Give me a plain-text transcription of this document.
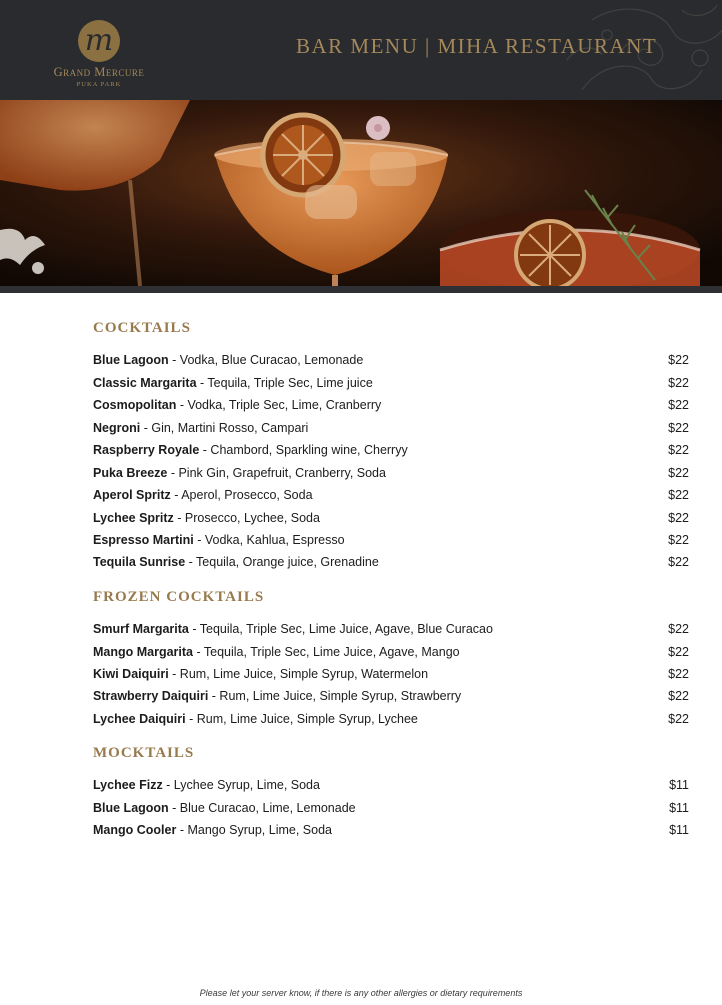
m
Grand Mercure
PUKA PARK
BAR MENU | MIHA RESTAURANT
COCKTAILS
Blue Lagoon - Vodka, Blue Curacao, Lemonade	$22
Classic Margarita - Tequila, Triple Sec, Lime juice	$22
Cosmopolitan - Vodka, Triple Sec, Lime, Cranberry	$22
Negroni - Gin, Martini Rosso, Campari	$22
Raspberry Royale - Chambord, Sparkling wine, Cherryy	$22
Puka Breeze - Pink Gin, Grapefruit, Cranberry, Soda	$22
Aperol Spritz - Aperol, Prosecco, Soda	$22
Lychee Spritz - Prosecco, Lychee, Soda	$22
Espresso Martini - Vodka, Kahlua, Espresso	$22
Tequila Sunrise - Tequila, Orange juice, Grenadine	$22
FROZEN COCKTAILS
Smurf Margarita - Tequila, Triple Sec, Lime Juice, Agave, Blue Curacao	$22
Mango Margarita - Tequila, Triple Sec, Lime Juice, Agave, Mango	$22
Kiwi Daiquiri - Rum, Lime Juice, Simple Syrup, Watermelon	$22
Strawberry Daiquiri - Rum, Lime Juice, Simple Syrup, Strawberry	$22
Lychee Daiquiri - Rum, Lime Juice, Simple Syrup, Lychee	$22
MOCKTAILS
Lychee Fizz - Lychee Syrup, Lime, Soda	$11
Blue Lagoon - Blue Curacao, Lime, Lemonade	$11
Mango Cooler - Mango Syrup, Lime, Soda	$11
Please let your server know, if there is any other allergies or dietary requirements
